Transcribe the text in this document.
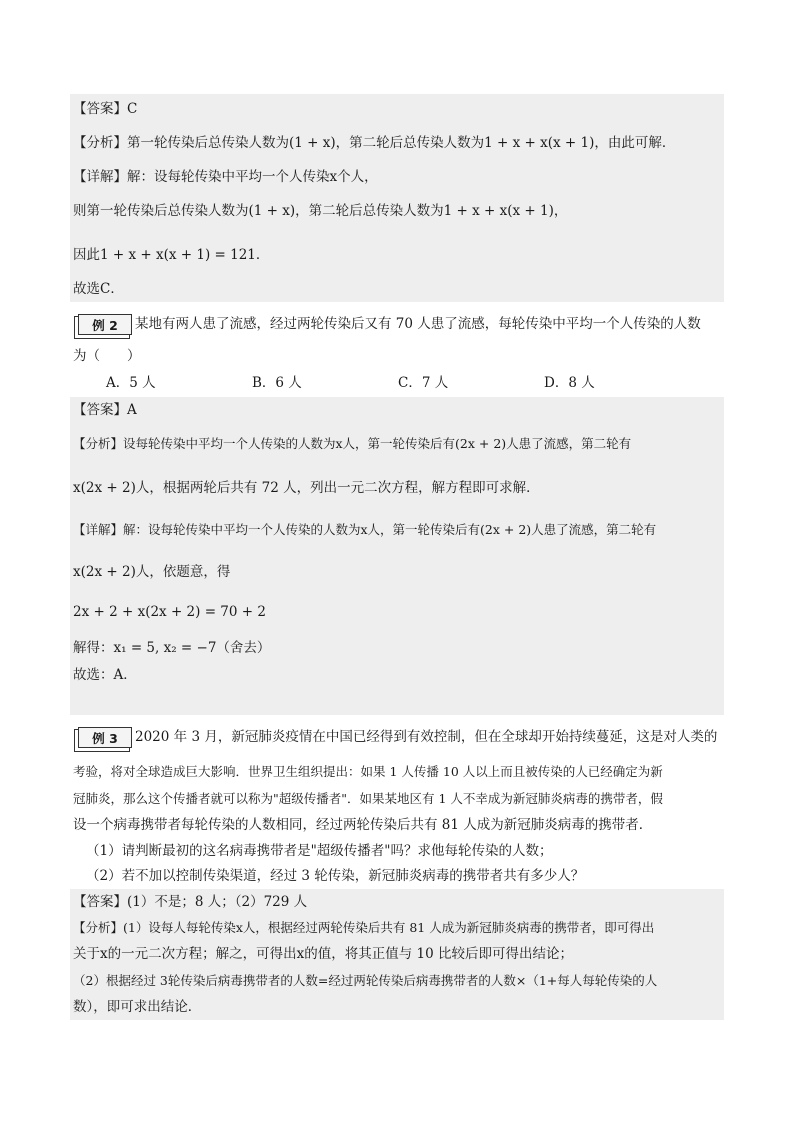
【答案】C
【分析】第一轮传染后总传染人数为(1 + x)，第二轮后总传染人数为1 + x + x(x + 1)，由此可解．
【详解】解：设每轮传染中平均一个人传染x个人，
则第一轮传染后总传染人数为(1 + x)，第二轮后总传染人数为1 + x + x(x + 1)，
因此1 + x + x(x + 1) = 121．
故选C．
例 2	某地有两人患了流感，经过两轮传染后又有 70 人患了流感，每轮传染中平均一个人传染的人数
为（　　）
A．5 人	B．6 人	C．7 人	D．8 人
【答案】A
【分析】设每轮传染中平均一个人传染的人数为x人，第一轮传染后有(2x + 2)人患了流感，第二轮有
x(2x + 2)人，根据两轮后共有 72 人，列出一元二次方程，解方程即可求解．
【详解】解：设每轮传染中平均一个人传染的人数为x人，第一轮传染后有(2x + 2)人患了流感，第二轮有
x(2x + 2)人，依题意，得
2x + 2 + x(2x + 2) = 70 + 2
解得：x₁ = 5, x₂ = −7（舍去）
故选：A．
例 3	2020 年 3 月，新冠肺炎疫情在中国已经得到有效控制，但在全球却开始持续蔓延，这是对人类的
考验，将对全球造成巨大影响．世界卫生组织提出：如果 1 人传播 10 人以上而且被传染的人已经确定为新
冠肺炎，那么这个传播者就可以称为"超级传播者"．如果某地区有 1 人不幸成为新冠肺炎病毒的携带者，假
设一个病毒携带者每轮传染的人数相同，经过两轮传染后共有 81 人成为新冠肺炎病毒的携带者．
（1）请判断最初的这名病毒携带者是"超级传播者"吗？求他每轮传染的人数；
（2）若不加以控制传染渠道，经过 3 轮传染，新冠肺炎病毒的携带者共有多少人？
【答案】(1）不是；8 人；（2）729 人
【分析】(1）设每人每轮传染x人，根据经过两轮传染后共有 81 人成为新冠肺炎病毒的携带者，即可得出
关于x的一元二次方程；解之，可得出x的值，将其正值与 10 比较后即可得出结论；
（2）根据经过 3轮传染后病毒携带者的人数=经过两轮传染后病毒携带者的人数×（1+每人每轮传染的人
数），即可求出结论．
